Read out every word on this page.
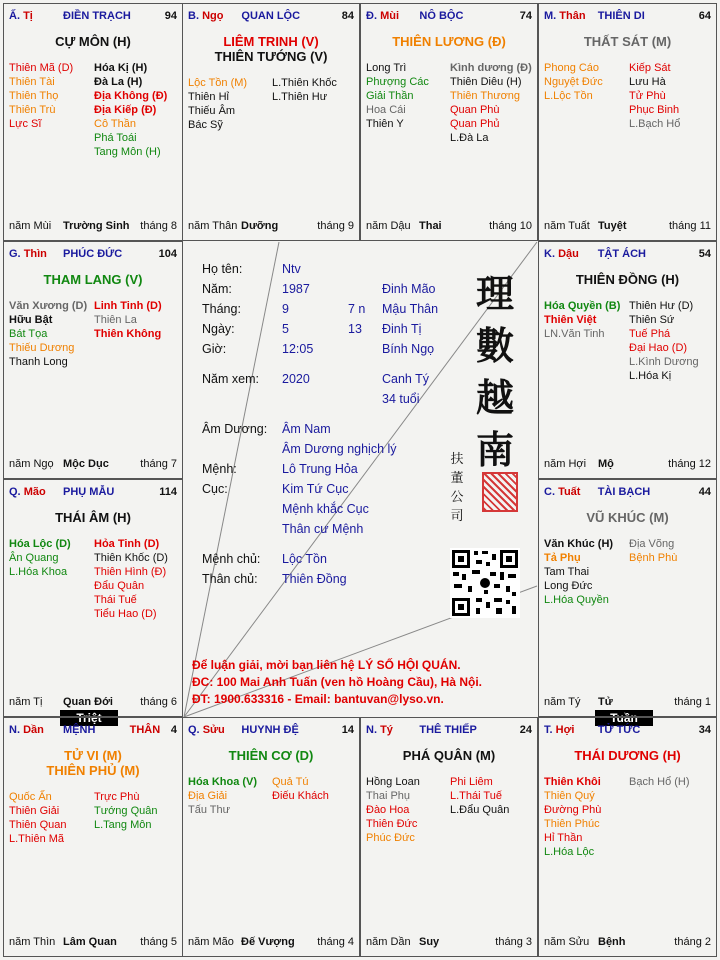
Họ tên:	Ntv
Năm:	1987	Đinh Mão
Tháng:	9	7 n Mậu Thân
Ngày:	5	13 Đinh Tị
Giờ:	12:05	Bính Ngọ
Năm xem: 2020	Canh Tý
34 tuổi
Âm Dương: Âm Nam
Âm Dương nghịch lý
Mệnh:	Lô Trung Hỏa
Cục:	Kim Tứ Cục
Mệnh khắc Cục
Thân cư Mệnh
Mệnh chủ: Lộc Tồn
Thân chủ: Thiên Đồng
理
數
越
南
扶
董
公
司
Để luận giải, mời bạn liên hệ LÝ SỐ HỘI QUÁN.
ĐC: 100 Mai Anh Tuấn (ven hồ Hoàng Cầu), Hà Nội.
ĐT: 1900.633316 - Email: bantuvan@lyso.vn.
Triệt	Tuần
Ấ. Tị	ĐIỀN TRẠCH	94
CỰ MÔN (H)
Thiên Mã (D)
Thiên Tài
Thiên Thọ
Thiên Trù
Lực Sĩ
Hóa Kị (H)
Đà La (H)
Địa Không (Đ)
Địa Kiếp (Đ)
Cô Thần
Phá Toái
Tang Môn (H)
năm Mùi Trường Sinh tháng 8
B. Ngọ QUAN LỘC	84
LIÊM TRINH (V)
THIÊN TƯỚNG (V)
Lộc Tồn (M)
Thiên Hỉ
Thiếu Âm
Bác Sỹ
L.Thiên Khốc
L.Thiên Hư
năm Thân Dưỡng	tháng 9
Đ. Mùi NÔ BỘC	74
THIÊN LƯƠNG (Đ)
Long Trì
Phượng Các
Giải Thần
Hoa Cái
Thiên Y
Kình dương (Đ)
Thiên Diêu (H)
Thiên Thương
Quan Phù
Quan Phủ
L.Đà La
năm Dậu Thai	tháng 10
M. Thân THIÊN DI	64
THẤT SÁT (M)
Phong Cáo
Nguyệt Đức
L.Lộc Tồn
Kiếp Sát
Lưu Hà
Tử Phù
Phục Binh
L.Bạch Hổ
năm Tuất Tuyệt	tháng 11
G. Thìn PHÚC ĐỨC	104
THAM LANG (V)
Văn Xương (D)
Hữu Bật
Bát Tọa
Thiếu Dương
Thanh Long
Linh Tinh (D)
Thiên La
Thiên Không
năm Ngọ Mộc Dục	tháng 7
K. Dậu TẬT ÁCH	54
THIÊN ĐỒNG (H)
Hóa Quyền (B)
Thiên Việt
LN.Văn Tinh
Thiên Hư (D)
Thiên Sứ
Tuế Phá
Đại Hao (D)
L.Kình Dương
L.Hóa Kị
năm Hợi Mộ	tháng 12
Q. Mão PHỤ MẪU	114
THÁI ÂM (H)
Hóa Lộc (D)
Ân Quang
L.Hóa Khoa
Hỏa Tinh (D)
Thiên Khốc (D)
Thiên Hình (Đ)
Đẩu Quân
Thái Tuế
Tiểu Hao (D)
năm Tị Quan Đới tháng 6
C. Tuất TÀI BẠCH	44
VŨ KHÚC (M)
Văn Khúc (H)
Tả Phụ
Tam Thai
Long Đức
L.Hóa Quyền
Địa Võng
Bệnh Phù
năm Tý Tử	tháng 1
N. Dần MỆNH	THÂN 4
TỬ VI (M)
THIÊN PHỦ (M)
Quốc Ấn
Thiên Giải
Thiên Quan
L.Thiên Mã
Trực Phù
Tướng Quân
L.Tang Môn
năm Thìn Lâm Quan tháng 5
Q. Sửu HUYNH ĐỆ	14
THIÊN CƠ (D)
Hóa Khoa (V)
Địa Giải
Tấu Thư
Quả Tú
Điếu Khách
năm Mão Đế Vượng tháng 4
N. Tý THÊ THIẾP	24
PHÁ QUÂN (M)
Hồng Loan
Thai Phụ
Đào Hoa
Thiên Đức
Phúc Đức
Phi Liêm
L.Thái Tuế
L.Đẩu Quân
năm Dần Suy	tháng 3
T. Hợi TỬ TỨC	34
THÁI DƯƠNG (H)
Thiên Khôi
Thiên Quý
Đường Phù
Thiên Phúc
Hỉ Thần
L.Hóa Lộc
Bạch Hổ (H)
năm Sửu Bệnh	tháng 2
